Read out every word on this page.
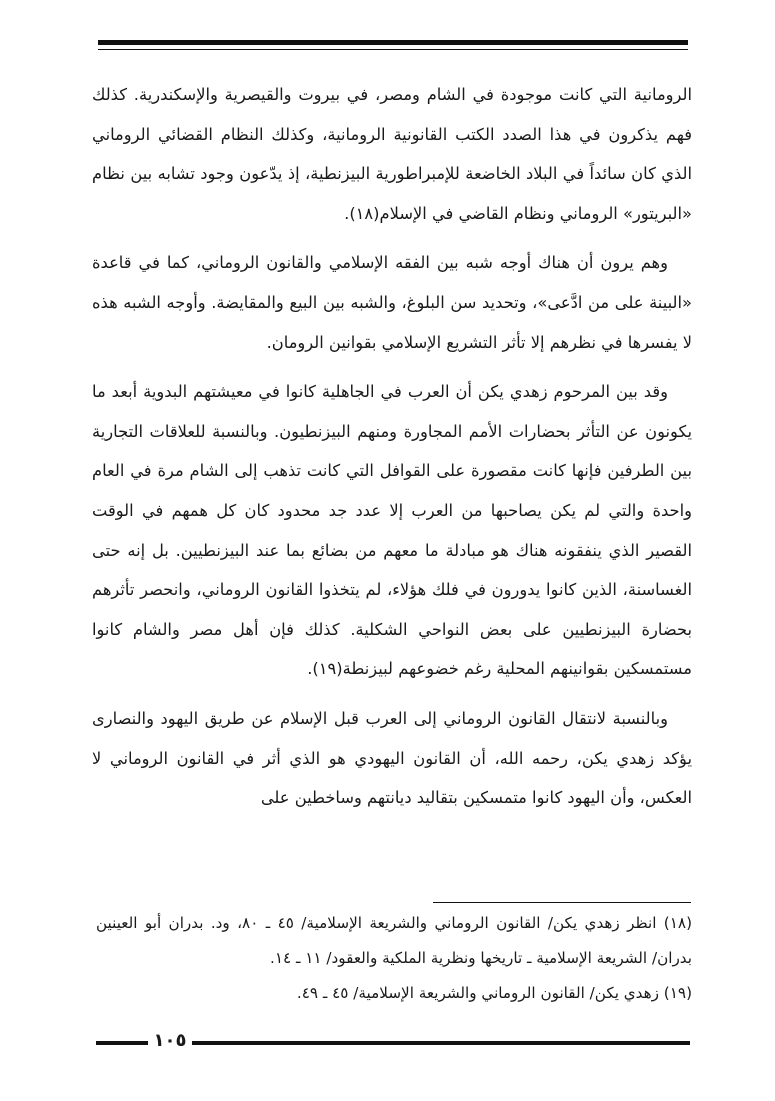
الرومانية التي كانت موجودة في الشام ومصر، في بيروت والقيصرية والإسكندرية. كذلك فهم يذكرون في هذا الصدد الكتب القانونية الرومانية، وكذلك النظام القضائي الروماني الذي كان سائداً في البلاد الخاضعة للإمبراطورية البيزنطية، إذ يدّعون وجود تشابه بين نظام «البريتور» الروماني ونظام القاضي في الإسلام(١٨).

وهم يرون أن هناك أوجه شبه بين الفقه الإسلامي والقانون الروماني، كما في قاعدة «البينة على من ادَّعى»، وتحديد سن البلوغ، والشبه بين البيع والمقايضة. وأوجه الشبه هذه لا يفسرها في نظرهم إلا تأثر التشريع الإسلامي بقوانين الرومان.

وقد بين المرحوم زهدي يكن أن العرب في الجاهلية كانوا في معيشتهم البدوية أبعد ما يكونون عن التأثر بحضارات الأمم المجاورة ومنهم البيزنطيون. وبالنسبة للعلاقات التجارية بين الطرفين فإنها كانت مقصورة على القوافل التي كانت تذهب إلى الشام مرة في العام واحدة والتي لم يكن يصاحبها من العرب إلا عدد جد محدود كان كل همهم في الوقت القصير الذي ينفقونه هناك هو مبادلة ما معهم من بضائع بما عند البيزنطيين. بل إنه حتى الغساسنة، الذين كانوا يدورون في فلك هؤلاء، لم يتخذوا القانون الروماني، وانحصر تأثرهم بحضارة البيزنطيين على بعض النواحي الشكلية. كذلك فإن أهل مصر والشام كانوا مستمسكين بقوانينهم المحلية رغم خضوعهم لبيزنطة(١٩).

وبالنسبة لانتقال القانون الروماني إلى العرب قبل الإسلام عن طريق اليهود والنصارى يؤكد زهدي يكن، رحمه الله، أن القانون اليهودي هو الذي أثر في القانون الروماني لا العكس، وأن اليهود كانوا متمسكين بتقاليد ديانتهم وساخطين على

(١٨) انظر زهدي يكن/ القانون الروماني والشريعة الإسلامية/ ٤٥ ـ ٨٠، ود. بدران أبو العينين بدران/ الشريعة الإسلامية ـ تاريخها ونظرية الملكية والعقود/ ١١ ـ ١٤.

(١٩) زهدي يكن/ القانون الروماني والشريعة الإسلامية/ ٤٥ ـ ٤٩.

١٠٥
